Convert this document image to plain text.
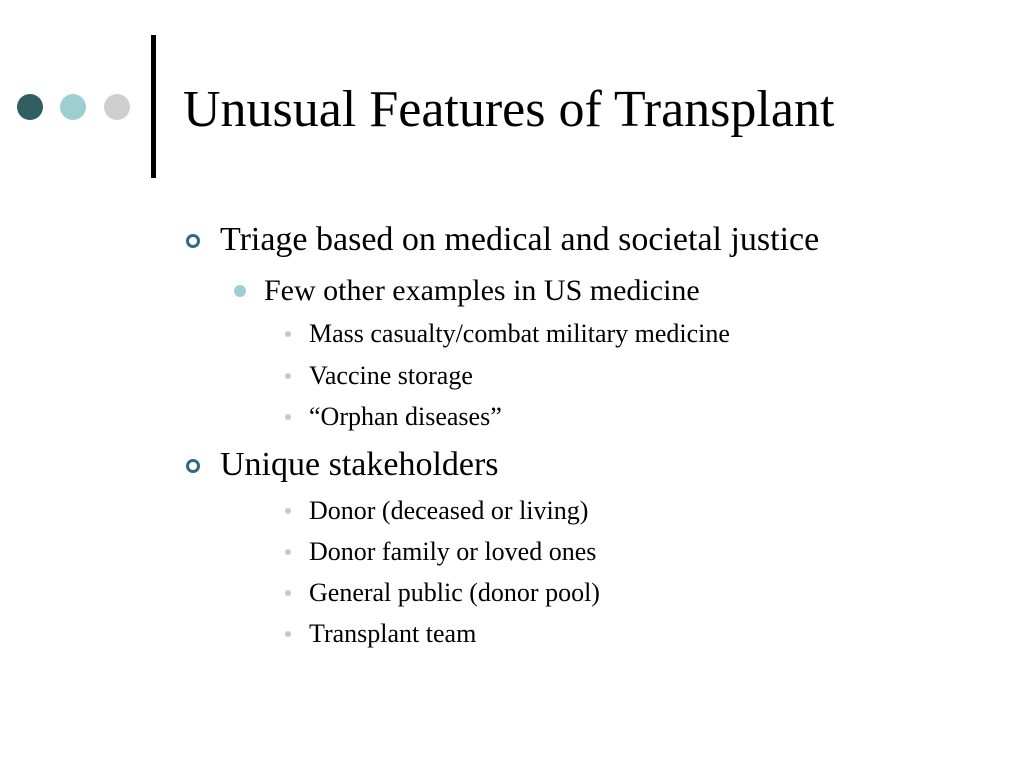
Unusual Features of Transplant
Triage based on medical and societal justice
Few other examples in US medicine
Mass casualty/combat military medicine
Vaccine storage
“Orphan diseases”
Unique stakeholders
Donor (deceased or living)
Donor family or loved ones
General public (donor pool)
Transplant team
